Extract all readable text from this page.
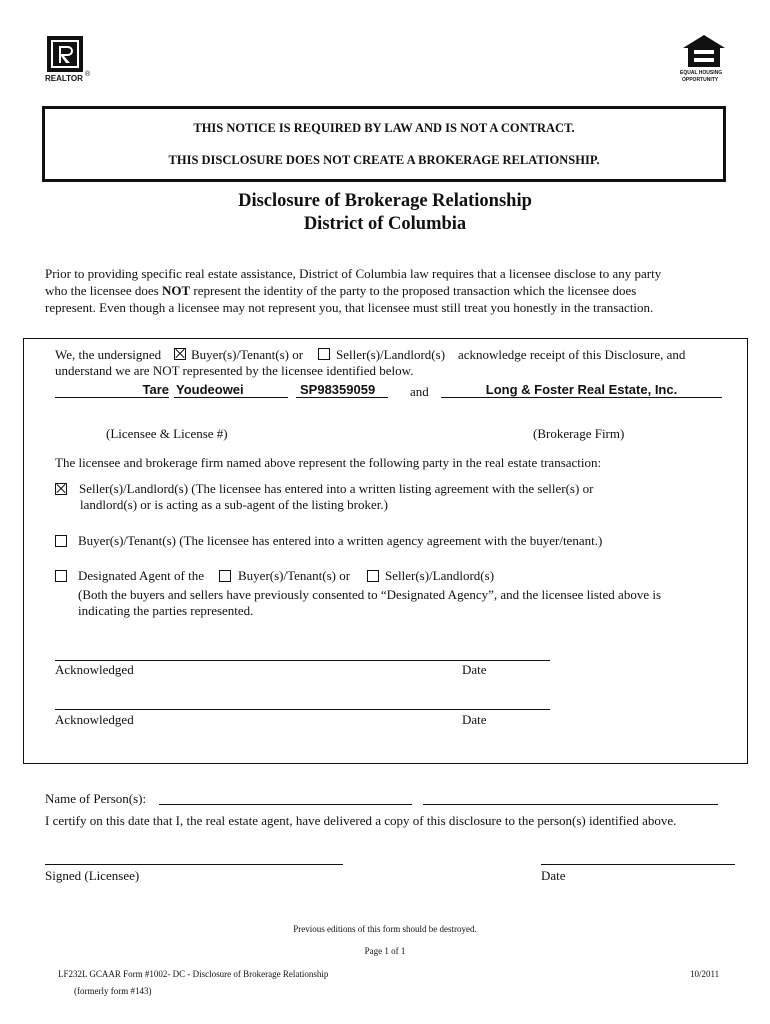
REALTOR ®	EQUAL HOUSING
OPPORTUNITY
THIS NOTICE IS REQUIRED BY LAW AND IS NOT A CONTRACT.
THIS DISCLOSURE DOES NOT CREATE A BROKERAGE RELATIONSHIP.
Disclosure of Brokerage Relationship
District of Columbia
Prior to providing specific real estate assistance, District of Columbia law requires that a licensee disclose to any party
who the licensee does NOT represent the identity of the party to the proposed transaction which the licensee does
represent. Even though a licensee may not represent you, that licensee must still treat you honestly in the transaction.
We, the undersigned Buyer(s)/Tenant(s) or	Seller(s)/Landlord(s) acknowledge receipt of this Disclosure, and
understand we are NOT represented by the licensee identified below.
Tare Youdeowei	SP98359059	and	Long & Foster Real Estate, Inc.
(Licensee & License #)	(Brokerage Firm)
The licensee and brokerage firm named above represent the following party in the real estate transaction:
Seller(s)/Landlord(s) (The licensee has entered into a written listing agreement with the seller(s) or
landlord(s) or is acting as a sub-agent of the listing broker.)
Buyer(s)/Tenant(s) (The licensee has entered into a written agency agreement with the buyer/tenant.)
Designated Agent of the	Buyer(s)/Tenant(s) or	Seller(s)/Landlord(s)
(Both the buyers and sellers have previously consented to “Designated Agency”, and the licensee listed above is
indicating the parties represented.
Acknowledged	Date
Acknowledged	Date
Name of Person(s):
I certify on this date that I, the real estate agent, have delivered a copy of this disclosure to the person(s) identified above.
Signed (Licensee)	Date
Previous editions of this form should be destroyed.
Page 1 of 1
LF232L GCAAR Form #1002- DC - Disclosure of Brokerage Relationship
(formerly form #143)
10/2011
